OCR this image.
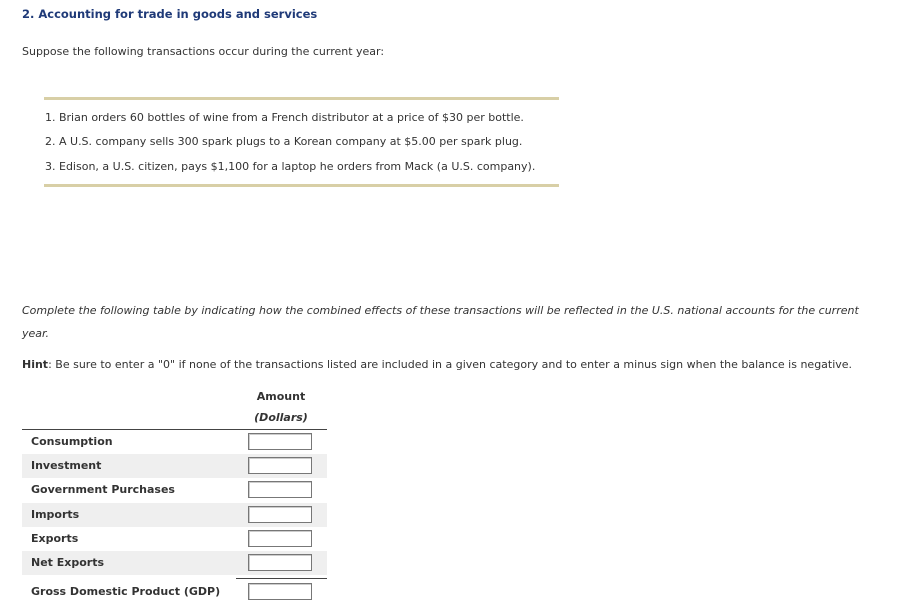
2. Accounting for trade in goods and services
Suppose the following transactions occur during the current year:
1. Brian orders 60 bottles of wine from a French distributor at a price of $30 per bottle.
2. A U.S. company sells 300 spark plugs to a Korean company at $5.00 per spark plug.
3. Edison, a U.S. citizen, pays $1,100 for a laptop he orders from Mack (a U.S. company).
Complete the following table by indicating how the combined effects of these transactions will be reflected in the U.S. national accounts for the current year.
Hint: Be sure to enter a "0" if none of the transactions listed are included in a given category and to enter a minus sign when the balance is negative.
Amount
(Dollars)
Consumption
Investment
Government Purchases
Imports
Exports
Net Exports
Gross Domestic Product (GDP)
